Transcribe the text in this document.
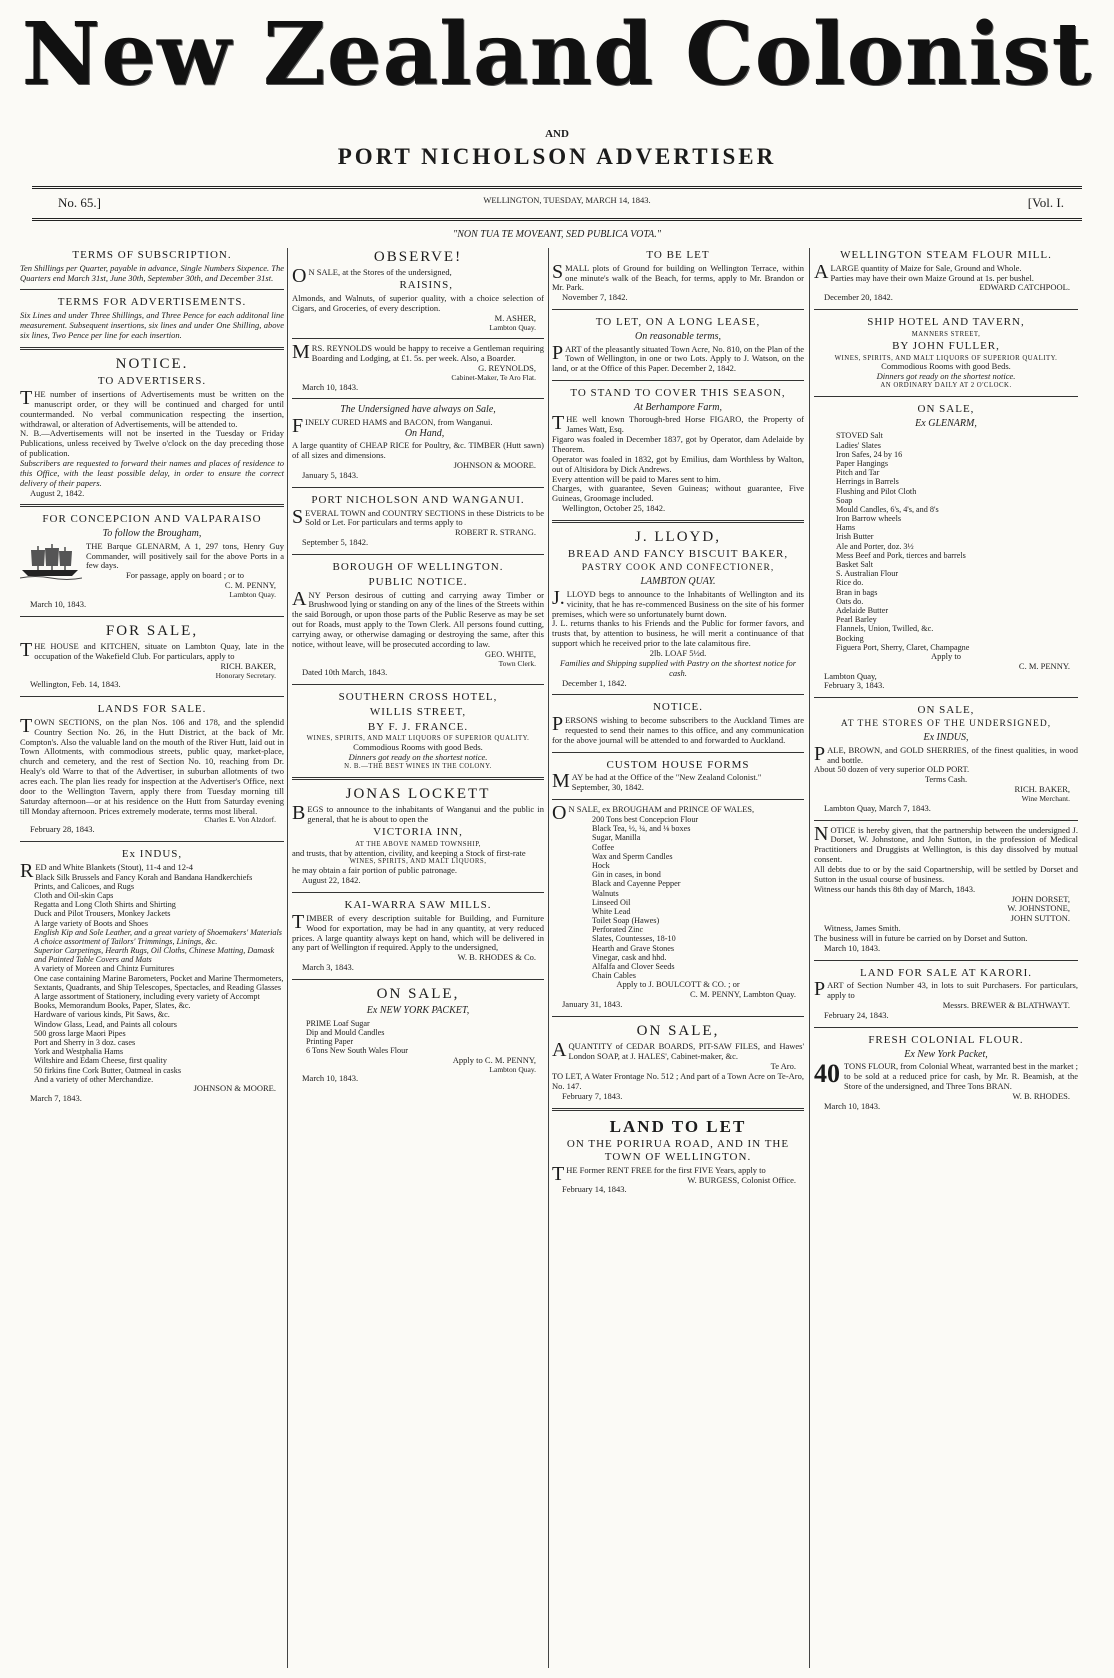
New Zealand Colonist
AND
PORT NICHOLSON ADVERTISER
No. 65.]	WELLINGTON, TUESDAY, MARCH 14, 1843.	[Vol. I.
"NON TUA TE MOVEANT, SED PUBLICA VOTA."
TERMS OF SUBSCRIPTION.

Ten Shillings per Quarter, payable in advance, Single Numbers Sixpence. The Quarters end March 31st, June 30th, September 30th, and December 31st.

TERMS FOR ADVERTISEMENTS.

Six Lines and under Three Shillings, and Three Pence for each additonal line measurement. Subsequent insertions, six lines and under One Shilling, above six lines, Two Pence per line for each insertion.

NOTICE.
TO ADVERTISERS.

THE number of insertions of Advertisements must be written on the manuscript order, or they will be continued and charged for until countermanded. No verbal communication respecting the insertion, withdrawal, or alteration of Advertisements, will be attended to.

N. B.—Advertisements will not be inserted in the Tuesday or Friday Publications, unless received by Twelve o'clock on the day preceding those of publication.

Subscribers are requested to forward their names and places of residence to this Office, with the least possible delay, in order to ensure the correct delivery of their papers.

August 2, 1842.
FOR CONCEPCION AND VALPARAISO
To follow the Brougham,

THE Barque GLENARM, A 1, 297 tons, Henry Guy Commander, will positively sail for the above Ports in a few days.

For passage, apply on board ; or to
C. M. PENNY,
Lambton Quay.
March 10, 1843.
FOR SALE,

THE HOUSE and KITCHEN, situate on Lambton Quay, late in the occupation of the Wakefield Club. For particulars, apply to

RICH. BAKER,
Honorary Secretary.
Wellington, Feb. 14, 1843.
LANDS FOR SALE.

TOWN SECTIONS, on the plan Nos. 106 and 178, and the splendid Country Section No. 26, in the Hutt District, at the back of Mr. Compton's. Also the valuable land on the mouth of the River Hutt, laid out in Town Allotments, with commodious streets, public quay, market-place, church and cemetery, and the rest of Section No. 10, reaching from Dr. Healy's old Warre to that of the Advertiser, in suburban allotments of two acres each. The plan lies ready for inspection at the Advertiser's Office, next door to the Wellington Tavern, apply there from Tuesday morning till Saturday afternoon—or at his residence on the Hutt from Saturday evening till Monday afternoon. Prices extremely moderate, terms most liberal.

Charles E. Von Alzdorf.
February 28, 1843.
Ex INDUS,

RED and White Blankets (Stout), 11-4 and 12-4

Black Silk Brussels and Fancy Korah and Bandana Handkerchiefs
Prints, and Calicoes, and Rugs
Cloth and Oil-skin Caps
Regatta and Long Cloth Shirts and Shirting
Duck and Pilot Trousers, Monkey Jackets
A large variety of Boots and Shoes
English Kip and Sole Leather, and a great variety of Shoemakers' Materials
A choice assortment of Tailors' Trimmings, Linings, &c.
Superior Carpetings, Hearth Rugs, Oil Cloths, Chinese Matting, Damask and Painted Table Covers and Mats
A variety of Moreen and Chintz Furnitures
One case containing Marine Barometers, Pocket and Marine Thermometers, Sextants, Quadrants, and Ship Telescopes, Spectacles, and Reading Glasses
A large assortment of Stationery, including every variety of Accompt Books, Memorandum Books, Paper, Slates, &c.
Hardware of various kinds, Pit Saws, &c.
Window Glass, Lead, and Paints all colours
500 gross large Maori Pipes
Port and Sherry in 3 doz. cases
York and Westphalia Hams
Wiltshire and Edam Cheese, first quality
50 firkins fine Cork Butter, Oatmeal in casks
And a variety of other Merchandize.
JOHNSON & MOORE.
March 7, 1843.
OBSERVE!

ON SALE, at the Stores of the undersigned,

RAISINS,

Almonds, and Walnuts, of superior quality, with a choice selection of Cigars, and Groceries, of every description.

M. ASHER,
Lambton Quay.

MRS. REYNOLDS would be happy to receive a Gentleman requiring Boarding and Lodging, at £1. 5s. per week. Also, a Boarder.

G. REYNOLDS,
Cabinet-Maker, Te Aro Flat.
March 10, 1843.
The Undersigned have always on Sale,

FINELY CURED HAMS and BACON, from Wanganui.

On Hand,

A large quantity of CHEAP RICE for Poultry, &c. TIMBER (Hutt sawn) of all sizes and dimensions.

JOHNSON & MOORE.
January 5, 1843.
PORT NICHOLSON AND WANGANUI.

SEVERAL TOWN and COUNTRY SECTIONS in these Districts to be Sold or Let. For particulars and terms apply to

ROBERT R. STRANG.
September 5, 1842.
BOROUGH OF WELLINGTON.
PUBLIC NOTICE.

ANY Person desirous of cutting and carrying away Timber or Brushwood lying or standing on any of the lines of the Streets within the said Borough, or upon those parts of the Public Reserve as may be set out for Roads, must apply to the Town Clerk. All persons found cutting, carrying away, or otherwise damaging or destroying the same, after this notice, without leave, will be prosecuted according to law.

GEO. WHITE,
Town Clerk.
Dated 10th March, 1843.
SOUTHERN CROSS HOTEL,
WILLIS STREET,
BY F. J. FRANCE.
WINES, SPIRITS, AND MALT LIQUORS OF SUPERIOR QUALITY.
Commodious Rooms with good Beds.
Dinners got ready on the shortest notice.
N. B.—THE BEST WINES IN THE COLONY.
JONAS LOCKETT

BEGS to announce to the inhabitants of Wanganui and the public in general, that he is about to open the

VICTORIA INN,
AT THE ABOVE NAMED TOWNSHIP,

and trusts, that by attention, civility, and keeping a Stock of first-rate

WINES, SPIRITS, AND MALT LIQUORS,

he may obtain a fair portion of public patronage.

August 22, 1842.
KAI-WARRA SAW MILLS.

TIMBER of every description suitable for Building, and Furniture Wood for exportation, may be had in any quantity, at very reduced prices. A large quantity always kept on hand, which will be delivered in any part of Wellington if required. Apply to the undersigned,

W. B. RHODES & Co.
March 3, 1843.
ON SALE,
Ex NEW YORK PACKET,
PRIME Loaf Sugar
Dip and Mould Candles
Printing Paper
6 Tons New South Wales Flour
Apply to C. M. PENNY,
Lambton Quay.
March 10, 1843.
TO BE LET

SMALL plots of Ground for building on Wellington Terrace, within one minute's walk of the Beach, for terms, apply to Mr. Brandon or Mr. Park.

November 7, 1842.
TO LET, ON A LONG LEASE,
On reasonable terms,

PART of the pleasantly situated Town Acre, No. 810, on the Plan of the Town of Wellington, in one or two Lots. Apply to J. Watson, on the land, or at the Office of this Paper. December 2, 1842.

TO STAND TO COVER THIS SEASON,
At Berhampore Farm,

THE well known Thorough-bred Horse FIGARO, the Property of James Watt, Esq.

Figaro was foaled in December 1837, got by Operator, dam Adelaide by Theorem.

Operator was foaled in 1832, got by Emilius, dam Worthless by Walton, out of Altisidora by Dick Andrews.

Every attention will be paid to Mares sent to him.

Charges, with guarantee, Seven Guineas; without guarantee, Five Guineas, Groomage included.

Wellington, October 25, 1842.
J. LLOYD,
BREAD AND FANCY BISCUIT BAKER,
PASTRY COOK AND CONFECTIONER,
LAMBTON QUAY.

J.LLOYD begs to announce to the Inhabitants of Wellington and its vicinity, that he has re-commenced Business on the site of his former premises, which were so unfortunately burnt down.

J. L. returns thanks to his Friends and the Public for former favors, and trusts that, by attention to business, he will merit a continuance of that support which he received prior to the late calamitous fire.

2lb. LOAF 5½d.
Families and Shipping supplied with Pastry on the shortest notice for cash.
December 1, 1842.
NOTICE.

PERSONS wishing to become subscribers to the Auckland Times are requested to send their names to this office, and any communication for the above journal will be attended to and forwarded to Auckland.

CUSTOM HOUSE FORMS

MAY be had at the Office of the "New Zealand Colonist."

September, 30, 1842.

ON SALE, ex BROUGHAM and PRINCE OF WALES,

200 Tons best Concepcion Flour
Black Tea, ½, ¼, and ⅛ boxes
Sugar, Manilla
Coffee
Wax and Sperm Candles
Hock
Gin in cases, in bond
Black and Cayenne Pepper
Walnuts
Linseed Oil
White Lead
Toilet Soap (Hawes)
Perforated Zinc
Slates, Countesses, 18-10
Hearth and Grave Stones
Vinegar, cask and hhd.
Alfalfa and Clover Seeds
Chain Cables
Apply to J. BOULCOTT & CO. ; or
C. M. PENNY, Lambton Quay.
January 31, 1843.
ON SALE,

AQUANTITY of CEDAR BOARDS, PIT-SAW FILES, and Hawes' London SOAP, at J. HALES', Cabinet-maker, &c.

Te Aro.

TO LET, A Water Frontage No. 512 ; And part of a Town Acre on Te-Aro, No. 147.

February 7, 1843.
LAND TO LET
ON THE PORIRUA ROAD, AND IN THE TOWN OF WELLINGTON.

THE Former RENT FREE for the first FIVE Years, apply to

W. BURGESS, Colonist Office.
February 14, 1843.
WELLINGTON STEAM FLOUR MILL.

ALARGE quantity of Maize for Sale, Ground and Whole.

Parties may have their own Maize Ground at 1s. per bushel.

EDWARD CATCHPOOL.
December 20, 1842.
SHIP HOTEL AND TAVERN,
MANNERS STREET,
BY JOHN FULLER,
WINES, SPIRITS, AND MALT LIQUORS OF SUPERIOR QUALITY.
Commodious Rooms with good Beds.
Dinners got ready on the shortest notice.
AN ORDINARY DAILY AT 2 O'CLOCK.
ON SALE,
Ex GLENARM,
STOVED Salt
Ladies' Slates
Iron Safes, 24 by 16
Paper Hangings
Pitch and Tar
Herrings in Barrels
Flushing and Pilot Cloth
Soap
Mould Candles, 6's, 4's, and 8's
Iron Barrow wheels
Hams
Irish Butter
Ale and Porter, doz. 3½
Mess Beef and Pork, tierces and barrels
Basket Salt
S. Australian Flour
Rice do.
Bran in bags
Oats do.
Adelaide Butter
Pearl Barley
Flannels, Union, Twilled, &c.
Bocking
Figuera Port, Sherry, Claret, Champagne
Apply to
C. M. PENNY.
Lambton Quay,
February 3, 1843.
ON SALE,
AT THE STORES OF THE UNDERSIGNED,
Ex INDUS,

PALE, BROWN, and GOLD SHERRIES, of the finest qualities, in wood and bottle.

About 50 dozen of very superior OLD PORT.

Terms Cash.
RICH. BAKER,
Wine Merchant.
Lambton Quay, March 7, 1843.

NOTICE is hereby given, that the partnership between the undersigned J. Dorset, W. Johnstone, and John Sutton, in the profession of Medical Practitioners and Druggists at Wellington, is this day dissolved by mutual consent.

All debts due to or by the said Copartnership, will be settled by Dorset and Sutton in the usual course of business.

Witness our hands this 8th day of March, 1843.

JOHN DORSET,
W. JOHNSTONE,
JOHN SUTTON.
Witness, James Smith.

The business will in future be carried on by Dorset and Sutton.

March 10, 1843.
LAND FOR SALE AT KARORI.

PART of Section Number 43, in lots to suit Purchasers. For particulars, apply to

Messrs. BREWER & BLATHWAYT.
February 24, 1843.
FRESH COLONIAL FLOUR.
Ex New York Packet,
40 TONS FLOUR, from Colonial Wheat, warranted best in the market ; to be sold at a reduced price for cash, by Mr. R. Beamish, at the Store of the undersigned, and Three Tons BRAN.

W. B. RHODES.
March 10, 1843.
